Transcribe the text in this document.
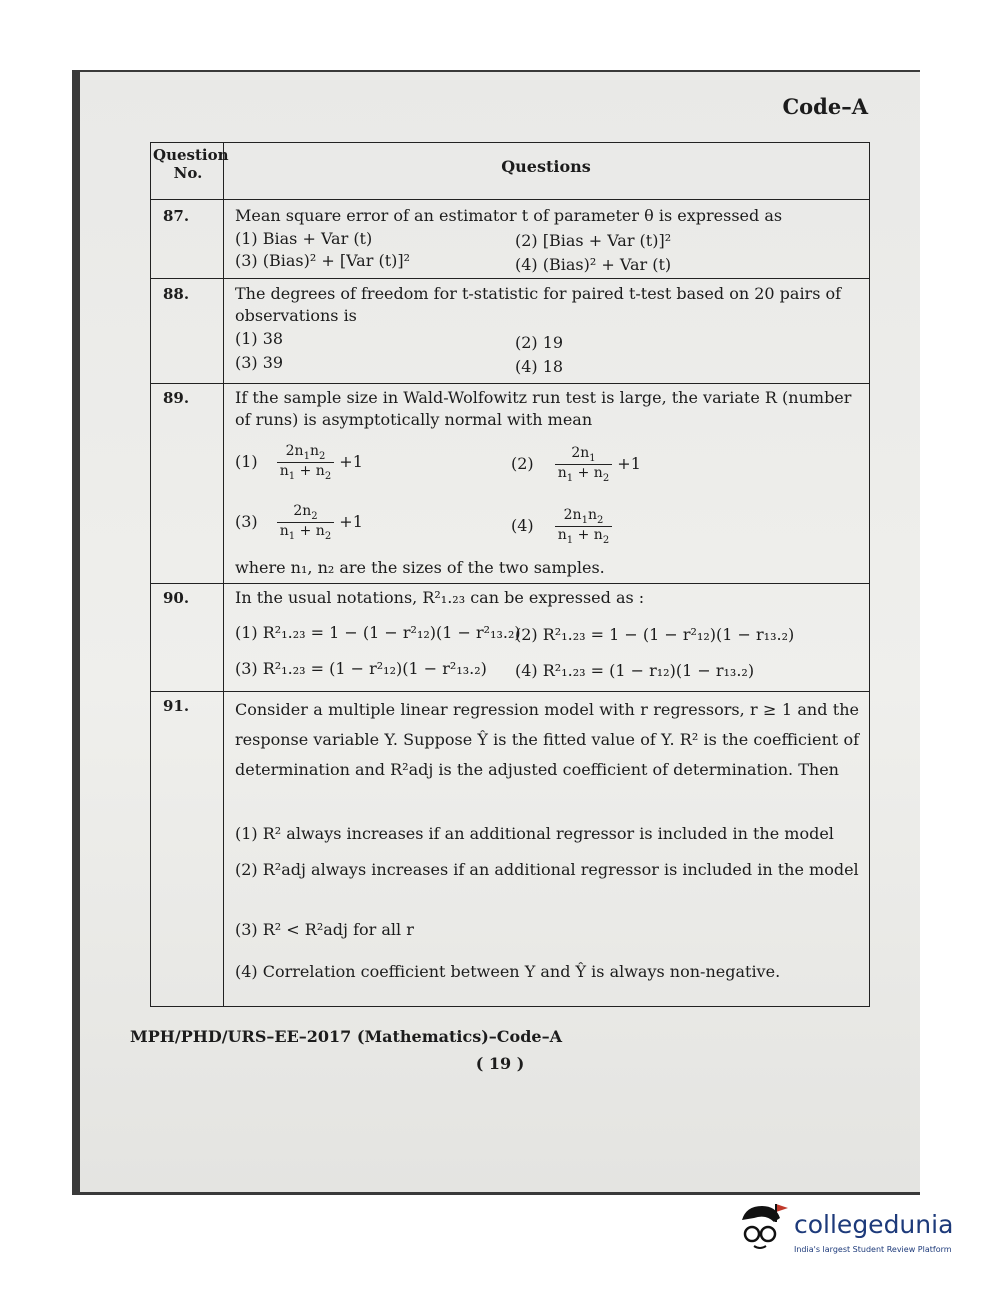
Code–A
Question No.	Questions
87.	Mean square error of an estimator t of parameter θ is expressed as
(1) Bias + Var (t)	(2) [Bias + Var (t)]²
(3) (Bias)² + [Var (t)]²	(4) (Bias)² + Var (t)
88.	The degrees of freedom for t-statistic for paired t-test based on 20 pairs of observations is
(1) 38	(2) 19
(3) 39	(4) 18
89.	If the sample size in Wald-Wolfowitz run test is large, the variate R (number of runs) is asymptotically normal with mean
$(1) \frac{2n_1n_2}{n_1 + n_2} +1$	$(2) \frac{2n_1}{n_1 + n_2} +1$
$(3) \frac{2n_2}{n_1 + n_2} +1$	$(4) \frac{2n_1n_2}{n_1 + n_2}$
where n₁, n₂ are the sizes of the two samples.
90.	In the usual notations, R²₁.₂₃ can be expressed as :
(1) R²₁.₂₃ = 1 − (1 − r²₁₂)(1 − r²₁₃.₂)
(2) R²₁.₂₃ = 1 − (1 − r²₁₂)(1 − r₁₃.₂)
(3) R²₁.₂₃ = (1 − r²₁₂)(1 − r²₁₃.₂) (4) R²₁.₂₃ = (1 − r₁₂)(1 − r₁₃.₂)
91.	Consider a multiple linear regression model with r regressors, r ≥ 1 and the response variable Y. Suppose Ŷ is the fitted value of Y. R² is the coefficient of determination and R²adj is the adjusted coefficient of determination. Then
(1) R² always increases if an additional regressor is included in the model
(2) R²adj always increases if an additional regressor is included in the model
(3) R² < R²adj for all r
(4) Correlation coefficient between Y and Ŷ is always non-negative.
MPH/PHD/URS–EE–2017 (Mathematics)–Code–A
( 19 )
collegedunia
India's largest Student Review Platform
